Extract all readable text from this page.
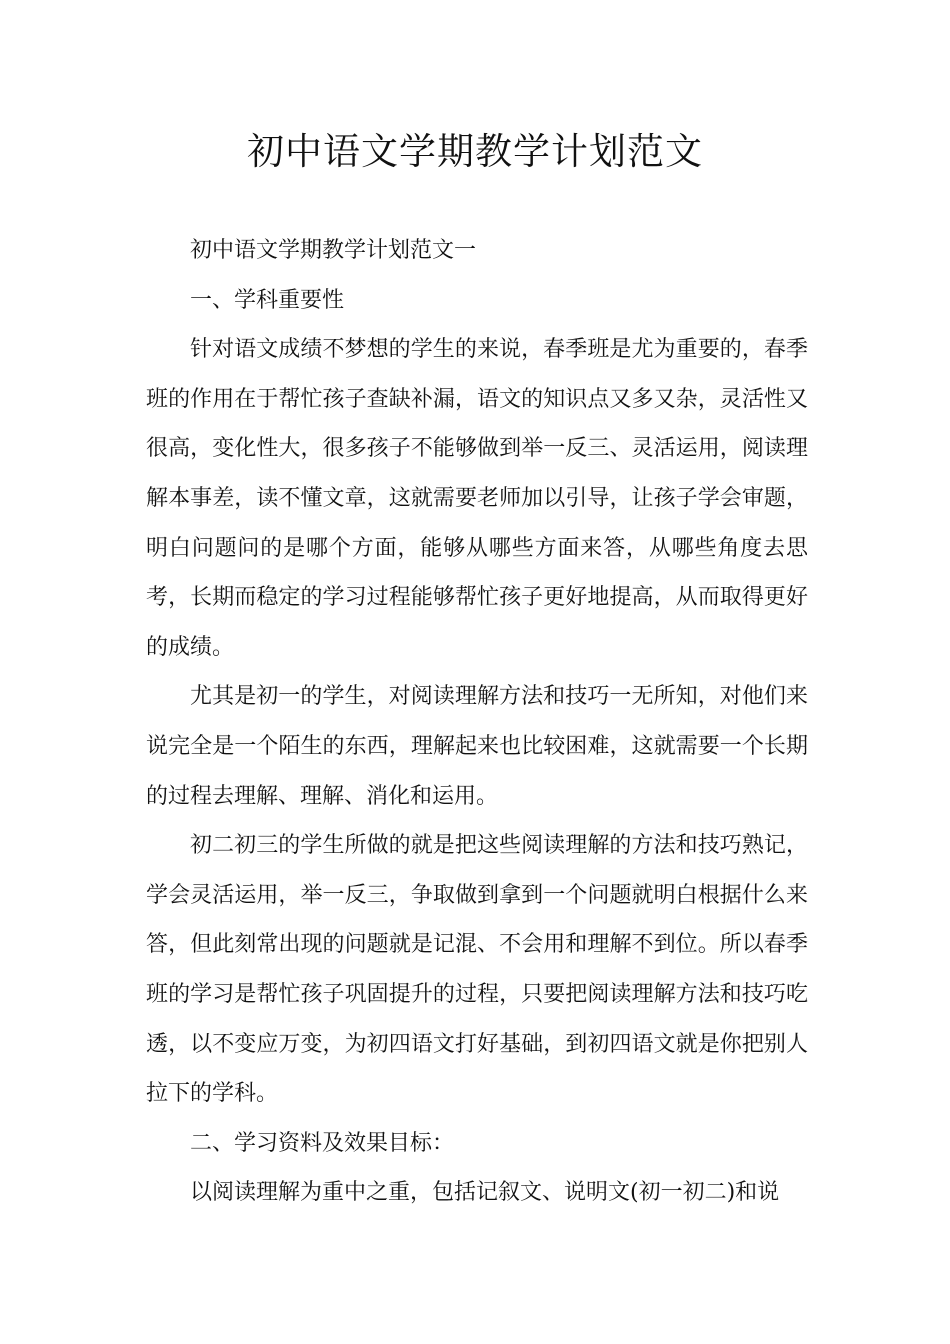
初中语文学期教学计划范文

初中语文学期教学计划范文一

一、学科重要性

针对语文成绩不梦想的学生的来说，春季班是尤为重要的，春季班的作用在于帮忙孩子查缺补漏，语文的知识点又多又杂，灵活性又很高，变化性大，很多孩子不能够做到举一反三、灵活运用，阅读理解本事差，读不懂文章，这就需要老师加以引导，让孩子学会审题，明白问题问的是哪个方面，能够从哪些方面来答，从哪些角度去思考，长期而稳定的学习过程能够帮忙孩子更好地提高，从而取得更好的成绩。

尤其是初一的学生，对阅读理解方法和技巧一无所知，对他们来说完全是一个陌生的东西，理解起来也比较困难，这就需要一个长期的过程去理解、理解、消化和运用。

初二初三的学生所做的就是把这些阅读理解的方法和技巧熟记，学会灵活运用，举一反三，争取做到拿到一个问题就明白根据什么来答，但此刻常出现的问题就是记混、不会用和理解不到位。所以春季班的学习是帮忙孩子巩固提升的过程，只要把阅读理解方法和技巧吃透，以不变应万变，为初四语文打好基础，到初四语文就是你把别人拉下的学科。

二、学习资料及效果目标：

以阅读理解为重中之重，包括记叙文、说明文(初一初二)和说
